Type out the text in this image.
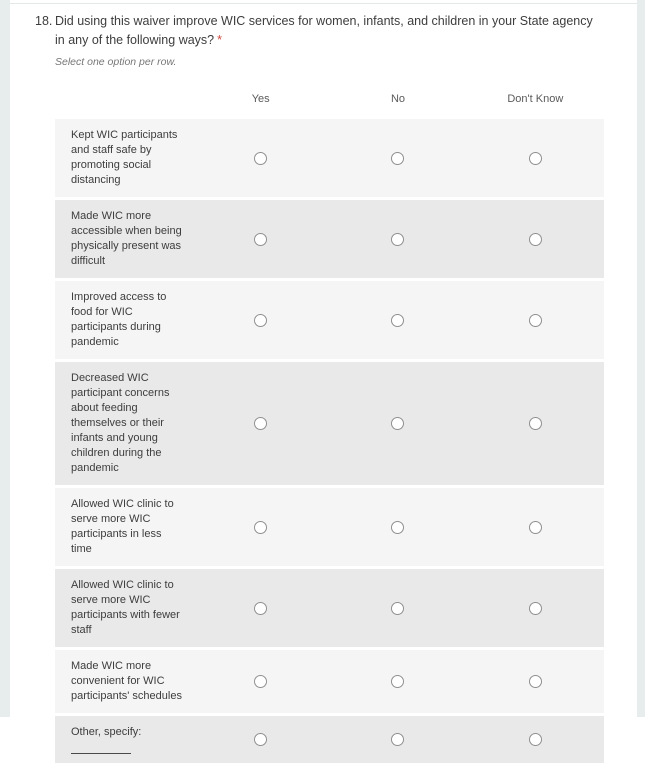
18. Did using this waiver improve WIC services for women, infants, and children in your State agency in any of the following ways? *
Select one option per row.
Yes	No	Don't Know
Kept WIC participants and staff safe by promoting social distancing
Made WIC more accessible when being physically present was difficult
Improved access to food for WIC participants during pandemic
Decreased WIC participant concerns about feeding themselves or their infants and young children during the pandemic
Allowed WIC clinic to serve more WIC participants in less time
Allowed WIC clinic to serve more WIC participants with fewer staff
Made WIC more convenient for WIC participants' schedules
Other, specify:
